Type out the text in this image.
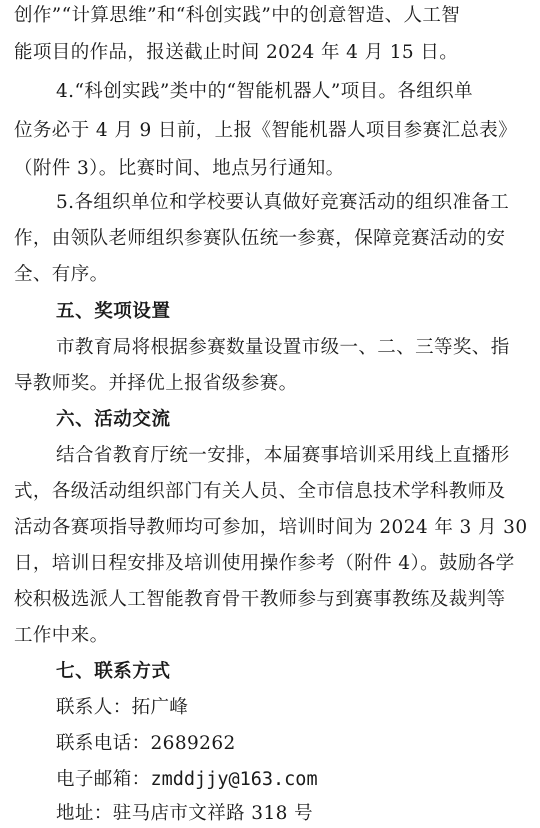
创作”“计算思维”和“科创实践”中的创意智造、人工智
能项目的作品，报送截止时间 2024 年 4 月 15 日。
4.“科创实践”类中的“智能机器人”项目。各组织单
位务必于 4 月 9 日前，上报《智能机器人项目参赛汇总表》
（附件 3）。比赛时间、地点另行通知。
5.各组织单位和学校要认真做好竞赛活动的组织准备工
作，由领队老师组织参赛队伍统一参赛，保障竞赛活动的安
全、有序。
五、奖项设置
市教育局将根据参赛数量设置市级一、二、三等奖、指
导教师奖。并择优上报省级参赛。
六、活动交流
结合省教育厅统一安排，本届赛事培训采用线上直播形
式，各级活动组织部门有关人员、全市信息技术学科教师及
活动各赛项指导教师均可参加，培训时间为 2024 年 3 月 30
日，培训日程安排及培训使用操作参考（附件 4）。鼓励各学
校积极选派人工智能教育骨干教师参与到赛事教练及裁判等
工作中来。
七、联系方式
联系人：拓广峰
联系电话：2689262
电子邮箱：zmddjjy@163.com
地址：驻马店市文祥路 318 号
